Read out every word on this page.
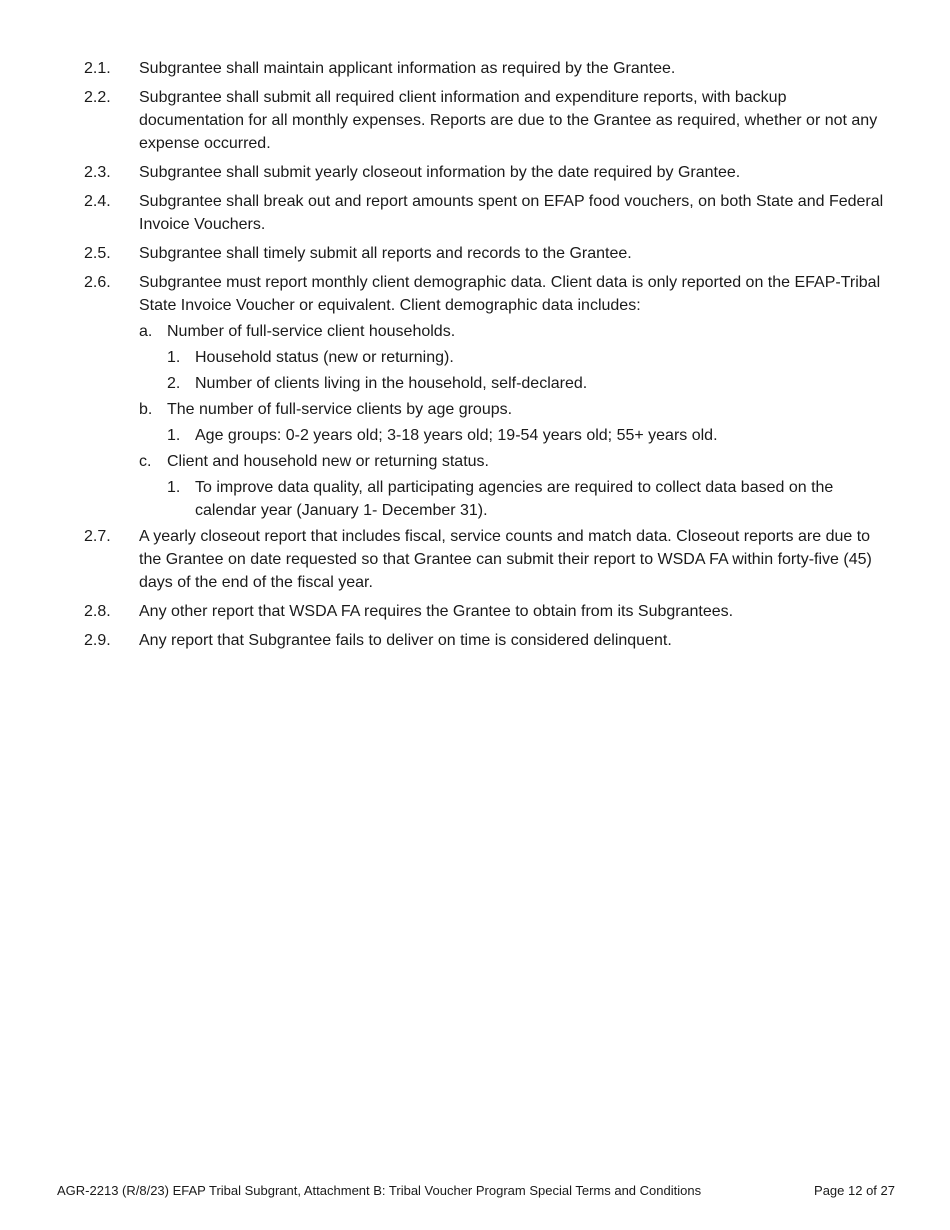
2.1.	Subgrantee shall maintain applicant information as required by the Grantee.
2.2.	Subgrantee shall submit all required client information and expenditure reports, with backup documentation for all monthly expenses. Reports are due to the Grantee as required, whether or not any expense occurred.
2.3.	Subgrantee shall submit yearly closeout information by the date required by Grantee.
2.4.	Subgrantee shall break out and report amounts spent on EFAP food vouchers, on both State and Federal Invoice Vouchers.
2.5.	Subgrantee shall timely submit all reports and records to the Grantee.
2.6.	Subgrantee must report monthly client demographic data. Client data is only reported on the EFAP-Tribal State Invoice Voucher or equivalent. Client demographic data includes:
a. Number of full-service client households.
1. Household status (new or returning).
2. Number of clients living in the household, self-declared.
b. The number of full-service clients by age groups.
1. Age groups: 0-2 years old; 3-18 years old; 19-54 years old; 55+ years old.
c. Client and household new or returning status.
1. To improve data quality, all participating agencies are required to collect data based on the calendar year (January 1- December 31).
2.7.	A yearly closeout report that includes fiscal, service counts and match data. Closeout reports are due to the Grantee on date requested so that Grantee can submit their report to WSDA FA within forty-five (45) days of the end of the fiscal year.
2.8.	Any other report that WSDA FA requires the Grantee to obtain from its Subgrantees.
2.9.	Any report that Subgrantee fails to deliver on time is considered delinquent.
AGR-2213 (R/8/23) EFAP Tribal Subgrant, Attachment B: Tribal Voucher Program Special Terms and Conditions	Page 12 of 27
